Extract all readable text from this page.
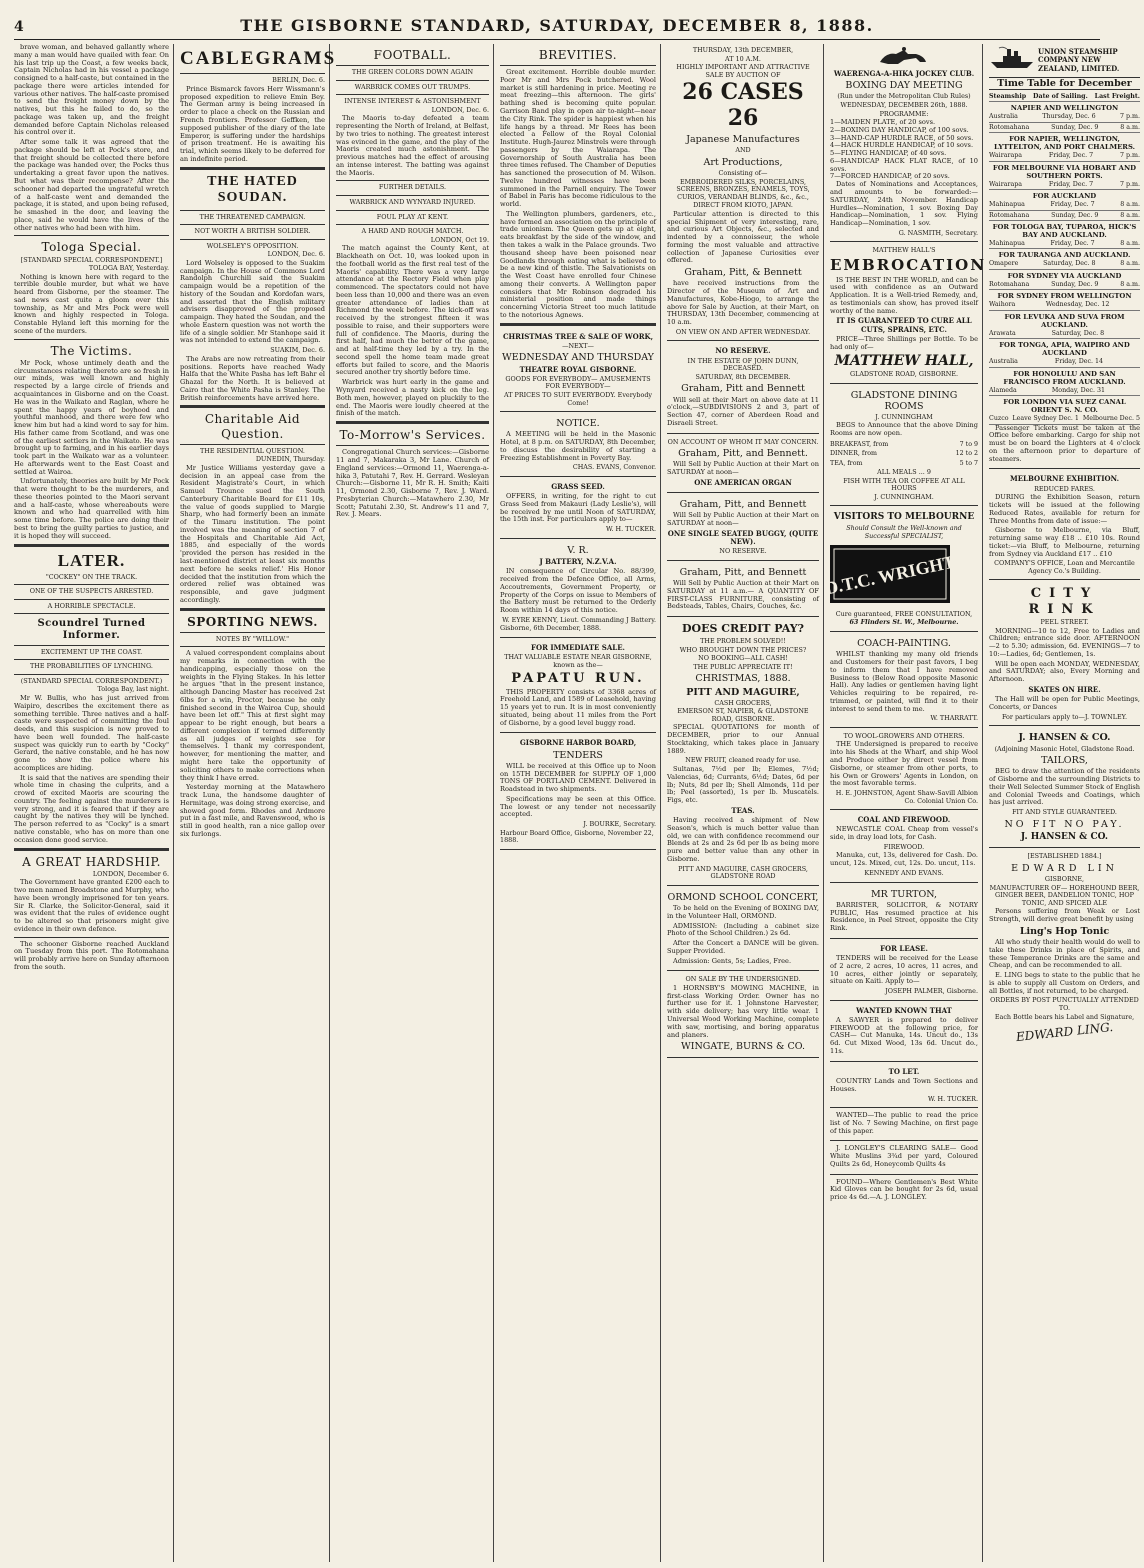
4	THE GISBORNE STANDARD, SATURDAY, DECEMBER 8, 1888.

brave woman, and behaved gallantly where many a man would have quailed with fear. On his last trip up the Coast, a few weeks back, Captain Nicholas had in his vessel a package consigned to a half-caste, but contained in the package there were articles intended for various other natives. The half-caste promised to send the freight money down by the natives, but this he failed to do, so the package was taken up, and the freight demanded before Captain Nicholas released his control over it.

After some talk it was agreed that the package should be left at Pock's store, and that freight should be collected there before the package was handed over, the Pocks thus undertaking a great favor upon the natives. But what was their recompense? After the schooner had departed the ungrateful wretch of a half-caste went and demanded the package, it is stated, and upon being refused, he smashed in the door, and leaving the place, said he would have the lives of the other natives who had been with him.

Tologa Special.
[STANDARD SPECIAL CORRESPONDENT.]
TOLOGA BAY, Yesterday.

Nothing is known here with regard to the terrible double murder, but what we have heard from Gisborne, per the steamer. The sad news cast quite a gloom over this township, as Mr and Mrs Pock were well known and highly respected in Tologa. Constable Hyland left this morning for the scene of the murders.

The Victims.

Mr Pock, whose untimely death and the circumstances relating thereto are so fresh in our minds, was well known and highly respected by a large circle of friends and acquaintances in Gisborne and on the Coast. He was in the Waikato and Raglan, where he spent the happy years of boyhood and youthful manhood, and there were few who knew him but had a kind word to say for him. His father came from Scotland, and was one of the earliest settlers in the Waikato. He was brought up to farming, and in his earlier days took part in the Waikato war as a volunteer. He afterwards went to the East Coast and settled at Wairoa.

Unfortunately, theories are built by Mr Pock that were thought to be the murderers, and these theories pointed to the Maori servant and a half-caste, whose whereabouts were known and who had quarrelled with him some time before. The police are doing their best to bring the guilty parties to justice, and it is hoped they will succeed.

LATER.
"COCKEY" ON THE TRACK.
ONE OF THE SUSPECTS ARRESTED.
A HORRIBLE SPECTACLE.
Scoundrel Turned Informer.
EXCITEMENT UP THE COAST.
THE PROBABILITIES OF LYNCHING.
(STANDARD SPECIAL CORRESPONDENT.)
Tologa Bay, last night.

Mr W. Bullis, who has just arrived from Waipiro, describes the excitement there as something terrible. Three natives and a half-caste were suspected of committing the foul deeds, and this suspicion is now proved to have been well founded. The half-caste suspect was quickly run to earth by "Cocky" Gerard, the native constable, and he has now gone to show the police where his accomplices are hiding.

It is said that the natives are spending their whole time in chasing the culprits, and a crowd of excited Maoris are scouring the country. The feeling against the murderers is very strong, and it is feared that if they are caught by the natives they will be lynched. The person referred to as "Cocky" is a smart native constable, who has on more than one occasion done good service.

A GREAT HARDSHIP.
LONDON, December 6.

The Government have granted £200 each to two men named Broadstone and Murphy, who have been wrongly imprisoned for ten years. Sir R. Clarke, the Solicitor-General, said it was evident that the rules of evidence ought to be altered so that prisoners might give evidence in their own defence.

The schooner Gisborne reached Auckland on Tuesday from this port. The Rotomahana will probably arrive here on Sunday afternoon from the south.

CABLEGRAMS
BERLIN, Dec. 6.

Prince Bismarck favors Herr Wissmann's proposed expedition to relieve Emin Bey. The German army is being increased in order to place a check on the Russian and French frontiers. Professor Geffken, the supposed publisher of the diary of the late Emperor, is suffering under the hardships of prison treatment. He is awaiting his trial, which seems likely to be deferred for an indefinite period.

THE HATED SOUDAN.
THE THREATENED CAMPAIGN.
NOT WORTH A BRITISH SOLDIER.
WOLSELEY'S OPPOSITION.
LONDON, Dec. 6.

Lord Wolseley is opposed to the Suakim campaign. In the House of Commons Lord Randolph Churchill said the Suakim campaign would be a repetition of the history of the Soudan and Kordofan wars, and asserted that the English military advisers disapproved of the proposed campaign. They hated the Soudan, and the whole Eastern question was not worth the life of a single soldier. Mr Stanhope said it was not intended to extend the campaign.

SUAKIM, Dec. 6.

The Arabs are now retreating from their positions. Reports have reached Wady Halfa that the White Pasha has left Bahr el Ghazal for the North. It is believed at Cairo that the White Pasha is Stanley. The British reinforcements have arrived here.

Charitable Aid Question.
THE RESIDENTIAL QUESTION.
DUNEDIN, Thursday.

Mr Justice Williams yesterday gave a decision in an appeal case from the Resident Magistrate's Court, in which Samuel Trounce sued the South Canterbury Charitable Board for £11 10s, the value of goods supplied to Margie Sharp, who had formerly been an inmate of the Timaru institution. The point involved was the meaning of section 7 of the Hospitals and Charitable Aid Act, 1885, and especially of the words 'provided the person has resided in the last-mentioned district at least six months next before he seeks relief.' His Honor decided that the institution from which the ordered relief was obtained was responsible, and gave judgment accordingly.

SPORTING NEWS.
NOTES BY "WILLOW."

A valued correspondent complains about my remarks in connection with the handicapping, especially those on the weights in the Flying Stakes. In his letter he argues "that in the present instance, although Dancing Master has received 2st 6lbs for a win, Proctor, because he only finished second in the Wairoa Cup, should have been let off." This at first sight may appear to be right enough, but bears a different complexion if termed differently as all judges of weights see for themselves. I thank my correspondent, however, for mentioning the matter, and might here take the opportunity of soliciting others to make corrections when they think I have erred.

Yesterday morning at the Matawhero track Luna, the handsome daughter of Hermitage, was doing strong exercise, and showed good form. Rhodes and Ardmore put in a fast mile, and Ravenswood, who is still in good health, ran a nice gallop over six furlongs.

FOOTBALL.
THE GREEN COLORS DOWN AGAIN
WARBRICK COMES OUT TRUMPS.
INTENSE INTEREST & ASTONISHMENT
LONDON, Dec. 6.

The Maoris to-day defeated a team representing the North of Ireland, at Belfast, by two tries to nothing. The greatest interest was evinced in the game, and the play of the Maoris created much astonishment. The previous matches had the effect of arousing an intense interest. The batting was against the Maoris.

FURTHER DETAILS.
WARBRICK AND WYNYARD INJURED.
FOUL PLAY AT KENT.
A HARD AND ROUGH MATCH.
LONDON, Oct 19.

The match against the County Kent, at Blackheath on Oct. 10, was looked upon in the football world as the first real test of the Maoris' capability. There was a very large attendance at the Rectory Field when play commenced. The spectators could not have been less than 10,000 and there was an even greater attendance of ladies than at Richmond the week before. The kick-off was received by the strongest fifteen it was possible to raise, and their supporters were full of confidence. The Maoris, during the first half, had much the better of the game, and at half-time they led by a try. In the second spell the home team made great efforts but failed to score, and the Maoris secured another try shortly before time.

Warbrick was hurt early in the game and Wynyard received a nasty kick on the leg. Both men, however, played on pluckily to the end. The Maoris were loudly cheered at the finish of the match.

To-Morrow's Services.

Congregational Church services:—Gisborne 11 and 7, Makaraka 3, Mr Lane. Church of England services:—Ormond 11, Waerenga-a-hika 3, Patutahi 7, Rev. H. Gerrard. Wesleyan Church:—Gisborne 11, Mr R. H. Smith; Kaiti 11, Ormond 2.30, Gisborne 7, Rev. J. Ward. Presbyterian Church:—Matawhero 2.30, Mr Scott; Patutahi 2.30, St. Andrew's 11 and 7, Rev. J. Mears.

BREVITIES.

Great excitement. Horrible double murder. Poor Mr and Mrs Pock butchered. Wool market is still hardening in price. Meeting re meat freezing—this afternoon. The girls' bathing shed is becoming quite popular. Garrison Band play in open air to-night—near the City Rink. The spider is happiest when his life hangs by a thread. Mr Rees has been elected a Fellow of the Royal Colonial Institute. Hugh-Jaurez Minstrels were through passengers by the Waiarapa. The Governorship of South Australia has been three times refused. The Chamber of Deputies has sanctioned the prosecution of M. Wilson. Twelve hundred witnesses have been summoned in the Parnell enquiry. The Tower of Babel in Paris has become ridiculous to the world.

The Wellington plumbers, gardeners, etc., have formed an association on the principle of trade unionism. The Queen gets up at eight, eats breakfast by the side of the window, and then takes a walk in the Palace grounds. Two thousand sheep have been poisoned near Goodlands through eating what is believed to be a new kind of thistle. The Salvationists on the West Coast have enrolled four Chinese among their converts. A Wellington paper considers that Mr Robinson degraded his ministerial position and made things concerning Victoria Street too much latitude to the notorious Agnews.

CHRISTMAS TREE & SALE OF WORK,
—NEXT—
WEDNESDAY AND THURSDAY
THEATRE ROYAL GISBORNE.
GOODS FOR EVERYBODY— AMUSEMENTS FOR EVERYBODY—
AT PRICES TO SUIT EVERYBODY. Everybody Come!
NOTICE.

A MEETING will be held in the Masonic Hotel, at 8 p.m. on SATURDAY, 8th December, to discuss the desirability of starting a Freezing Establishment in Poverty Bay.

CHAS. EVANS, Convenor.
GRASS SEED.

OFFERS, in writing, for the right to cut Grass Seed from Makauri (Lady Leslie's), will be received by me until Noon of SATURDAY, the 15th inst. For particulars apply to—

W. H. TUCKER.
V. R.
J BATTERY, N.Z.V.A.

IN consequence of Circular No. 88/399, received from the Defence Office, all Arms, Accoutrements, Government Property, or Property of the Corps on issue to Members of the Battery must be returned to the Orderly Room within 14 days of this notice.

W. EYRE KENNY, Lieut. Commanding J Battery.
Gisborne, 6th December, 1888.
FOR IMMEDIATE SALE.
THAT VALUABLE ESTATE NEAR GISBORNE, known as the—
PAPATU RUN.

THIS PROPERTY consists of 3368 acres of Freehold Land, and 1589 of Leasehold, having 15 years yet to run. It is in most conveniently situated, being about 11 miles from the Port of Gisborne, by a good level buggy road.

GISBORNE HARBOR BOARD,
TENDERS

WILL be received at this Office up to Noon on 15TH DECEMBER for SUPPLY OF 1,000 TONS OF PORTLAND CEMENT. Delivered in Roadstead in two shipments.

Specifications may be seen at this Office. The lowest or any tender not necessarily accepted.

J. BOURKE, Secretary.
Harbour Board Office, Gisborne, November 22, 1888.
THURSDAY, 13th DECEMBER,
AT 10 A.M.
HIGHLY IMPORTANT AND ATTRACTIVE SALE BY AUCTION OF
26 CASES 26
Japanese Manufactures
AND
Art Productions,
Consisting of—
EMBROIDERED SILKS, PORCELAINS, SCREENS, BRONZES, ENAMELS, TOYS, CURIOS, VERANDAH BLINDS, &c., &c.,
DIRECT FROM KIOTO, JAPAN.

Particular attention is directed to this special Shipment of very interesting, rare, and curious Art Objects, &c., selected and indented by a connoisseur, the whole forming the most valuable and attractive collection of Japanese Curiosities ever offered.

Graham, Pitt, & Bennett

have received instructions from the Director of the Museum of Art and Manufactures, Kobe-Hiogo, to arrange the above for Sale by Auction, at their Mart, on THURSDAY, 13th December, commencing at 10 a.m.

ON VIEW ON AND AFTER WEDNESDAY.
NO RESERVE.
IN THE ESTATE OF JOHN DUNN, DECEASED.
SATURDAY, 8th DECEMBER.
Graham, Pitt and Bennett

Will sell at their Mart on above date at 11 o'clock,—SUBDIVISIONS 2 and 3, part of Section 47, corner of Aberdeen Road and Disraeli Street.

ON ACCOUNT OF WHOM IT MAY CONCERN.
Graham, Pitt, and Bennett.

Will Sell by Public Auction at their Mart on SATURDAY at noon—

ONE AMERICAN ORGAN
Graham, Pitt, and Bennett

Will Sell by Public Auction at their Mart on SATURDAY at noon—

ONE SINGLE SEATED BUGGY, (QUITE NEW).
NO RESERVE.
Graham, Pitt, and Bennett

Will Sell by Public Auction at their Mart on SATURDAY at 11 a.m.— A QUANTITY OF FIRST-CLASS FURNITURE, consisting of Bedsteads, Tables, Chairs, Couches, &c.

DOES CREDIT PAY?
THE PROBLEM SOLVED!!
WHO BROUGHT DOWN THE PRICES?
NO BOOKING—ALL CASH!
THE PUBLIC APPRECIATE IT!
CHRISTMAS, 1888.
PITT AND MAGUIRE,
CASH GROCERS,
EMERSON ST, NAPIER, & GLADSTONE ROAD, GISBORNE.

SPECIAL QUOTATIONS for month of DECEMBER, prior to our Annual Stocktaking, which takes place in January 1889.

NEW FRUIT, cleaned ready for use.

Sultanas, 7½d per lb; Elemes, 7½d; Valencias, 6d; Currants, 6½d; Dates, 6d per lb; Nuts, 8d per lb; Shell Almonds, 11d per lb; Peel (assorted), 1s per lb. Muscatels. Figs, etc.

TEAS.

Having received a shipment of New Season's, which is much better value than old, we can with confidence recommend our Blends at 2s and 2s 6d per lb as being more pure and better value than any other in Gisborne.

PITT AND MAGUIRE, CASH GROCERS, GLADSTONE ROAD
ORMOND SCHOOL CONCERT,

To be held on the Evening of BOXING DAY, in the Volunteer Hall, ORMOND.

ADMISSION: (Including a cabinet size Photo of the School Children.) 2s 6d.

After the Concert a DANCE will be given. Supper Provided.

Admission: Gents, 5s; Ladies, Free.

ON SALE BY THE UNDERSIGNED.

1 HORNSBY'S MOWING MACHINE, in first-class Working Order. Owner has no further use for it. 1 Johnstone Harvester, with side delivery; has very little wear. 1 Universal Wood Working Machine, complete with saw, mortising, and boring apparatus and planers.

WINGATE, BURNS & CO.
WAERENGA-A-HIKA JOCKEY CLUB.
BOXING DAY MEETING
(Run under the Metropolitan Club Rules)
WEDNESDAY, DECEMBER 26th, 1888.
PROGRAMME:
1—MAIDEN PLATE, of 20 sovs.
2—BOXING DAY HANDICAP, of 100 sovs.
3—HAND-CAP HURDLE RACE, of 50 sovs.
4—HACK HURDLE HANDICAP, of 10 sovs.
5—FLYING HANDICAP, of 40 sovs.
6—HANDICAP HACK FLAT RACE, of 10 sovs.
7—FORCED HANDICAP, of 20 sovs.

Dates of Nominations and Acceptances, and amounts to be forwarded:— SATURDAY, 24th November. Handicap Hurdles—Nomination, 1 sov. Boxing Day Handicap—Nomination, 1 sov. Flying Handicap—Nomination, 1 sov.

G. NASMITH, Secretary.
MATTHEW HALL'S
EMBROCATION

IS THE BEST IN THE WORLD, and can be used with confidence as an Outward Application. It is a Well-tried Remedy, and, as testimonials can show, has proved itself worthy of the name.

IT IS GUARANTEED TO CURE ALL CUTS, SPRAINS, ETC.

PRICE—Three Shillings per Bottle. To be had only of—

MATTHEW HALL,
GLADSTONE ROAD, GISBORNE.
GLADSTONE DINING ROOMS
J. CUNNINGHAM

BEGS to Announce that the above Dining Rooms are now open.

BREAKFAST, from	7 to 9
DINNER, from	12 to 2
TEA, from	5 to 7
ALL MEALS ... 9
FISH WITH TEA OR COFFEE AT ALL HOURS
J. CUNNINGHAM.
VISITORS TO MELBOURNE
Should Consult the Well-known and Successful SPECIALIST,
D.T.C. WRIGHT
Cure guaranteed, FREE CONSULTATION,
63 Flinders St. W., Melbourne.
COACH-PAINTING.

WHILST thanking my many old friends and Customers for their past favors, I beg to inform them that I have removed Business to (Below Road opposite Masonic Hall). Any ladies or gentlemen having light Vehicles requiring to be repaired, re-trimmed, or painted, will find it to their interest to send them to me.

W. THARRATT.
TO WOOL-GROWERS AND OTHERS.

THE Undersigned is prepared to receive into his Sheds at the Wharf, and ship Wool and Produce either by direct vessel from Gisborne, or steamer from other ports, to his Own or Growers' Agents in London, on the most favorable terms.

H. E. JOHNSTON, Agent Shaw-Savill Albion Co. Colonial Union Co.
COAL AND FIREWOOD.

NEWCASTLE COAL Cheap from vessel's side, in dray load lots, for Cash.

FIREWOOD.

Manuka, cut, 13s, delivered for Cash. Do. uncut, 12s. Mixed, cut, 12s. Do. uncut, 11s.

KENNEDY AND EVANS.
MR TURTON,

BARRISTER, SOLICITOR, & NOTARY PUBLIC, Has resumed practice at his Residence, in Peel Street, opposite the City Rink.

FOR LEASE.

TENDERS will be received for the Lease of 2 acre, 2 acres, 10 acres, 11 acres, and 10 acres, either jointly or separately, situate on Kaiti. Apply to—

JOSEPH PALMER, Gisborne.
WANTED KNOWN THAT

A SAWYER is prepared to deliver FIREWOOD at the following price, for CASH— Cut Manuka, 14s. Uncut do., 13s 6d. Cut Mixed Wood, 13s 6d. Uncut do., 11s.

TO LET.

COUNTRY Lands and Town Sections and Houses.

W. H. TUCKER.

WANTED—The public to read the price list of No. 7 Sewing Machine, on first page of this paper.

J. LONGLEY'S CLEARING SALE— Good White Muslins 3¾d per yard, Coloured Quilts 2s 6d, Honeycomb Quilts 4s

FOUND—Where Gentlemen's Best White Kid Gloves can be bought for 2s 6d, usual price 4s 6d.—A. J. LONGLEY.

UNION STEAMSHIP COMPANY NEW ZEALAND, LIMITED.
Time Table for December
Steamship Date of Sailing. Last Freight.
NAPIER AND WELLINGTON
Australia	Thursday, Dec. 6	7 p.m.
Rotomahana	Sunday, Dec. 9	8 a.m.
FOR NAPIER, WELLINGTON, LYTTELTON, AND PORT CHALMERS.
Wairarapa	Friday, Dec. 7	7 p.m.
FOR MELBOURNE VIA HOBART AND SOUTHERN PORTS.
Wairarapa	Friday, Dec. 7	7 p.m.
FOR AUCKLAND
Mahinapua	Friday, Dec. 7	8 a.m.
Rotomahana	Sunday, Dec. 9	8 a.m.
FOR TOLOGA BAY, TUPAROA, HICK'S BAY AND AUCKLAND.
Mahinapua	Friday, Dec. 7	8 a.m.
FOR TAURANGA AND AUCKLAND.
Omapere	Saturday, Dec. 8	8 a.m.
FOR SYDNEY VIA AUCKLAND
Rotomahana	Sunday, Dec. 9	8 a.m.
FOR SYDNEY FROM WELLINGTON
Waihora	Wednesday, Dec. 12
FOR LEVUKA AND SUVA FROM AUCKLAND.
Arawata	Saturday, Dec. 8
FOR TONGA, APIA, WAIPIRO AND AUCKLAND
Australia	Friday, Dec. 14
FOR HONOLULU AND SAN FRANCISCO FROM AUCKLAND.
Alameda	Monday, Dec. 31
FOR LONDON VIA SUEZ CANAL ORIENT S. N. CO.
Cuzco Leave Sydney Dec. 1 Melbourne Dec. 5

Passenger Tickets must be taken at the Office before embarking. Cargo for ship not must be on board the Lighters at 4 o'clock on the afternoon prior to departure of steamers.

MELBOURNE EXHIBITION.
REDUCED FARES.

DURING the Exhibition Season, return tickets will be issued at the following Reduced Rates, available for return for Three Months from date of issue:—

Gisborne to Melbourne, via Bluff, returning same way £18 .. £10 10s. Round ticket:—via Bluff, to Melbourne, returning from Sydney via Auckland £17 .. £10

COMPANY'S OFFICE, Loan and Mercantile Agency Co.'s Building.
CITY RINK
PEEL STREET.

MORNING—10 to 12, Free to Ladies and Children; entrance side door. AFTERNOON—2 to 5.30; admission, 6d. EVENINGS—7 to 10:—Ladies, 6d; Gentlemen, 1s.

Will be open each MONDAY, WEDNESDAY, and SATURDAY; also, Every Morning and Afternoon.

SKATES ON HIRE.

The Hall will be open for Public Meetings, Concerts, or Dances

For particulars apply to—J. TOWNLEY.
J. HANSEN & CO.
(Adjoining Masonic Hotel, Gladstone Road.
TAILORS,

BEG to draw the attention of the residents of Gisborne and the surrounding Districts to their Well Selected Summer Stock of English and Colonial Tweeds and Coatings, which has just arrived.

FIT AND STYLE GUARANTEED.
NO FIT NO PAY.
J. HANSEN & CO.
[ESTABLISHED 1884.]
EDWARD LIN
GISBORNE,
MANUFACTURER OF— HOREHOUND BEER, GINGER BEER, DANDELION TONIC, HOP TONIC, AND SPICED ALE

Persons suffering from Weak or Lost Strength, will derive great benefit by using

Ling's Hop Tonic

All who study their health would do well to take these Drinks in place of Spirits, and these Temperance Drinks are the same and Cheap, and can be recommended to all.

E. LING begs to state to the public that he is able to supply all Custom on Orders, and all Bottles, if not returned, to be charged.

ORDERS BY POST PUNCTUALLY ATTENDED TO.
Each Bottle bears his Label and Signature,
EDWARD LING.
